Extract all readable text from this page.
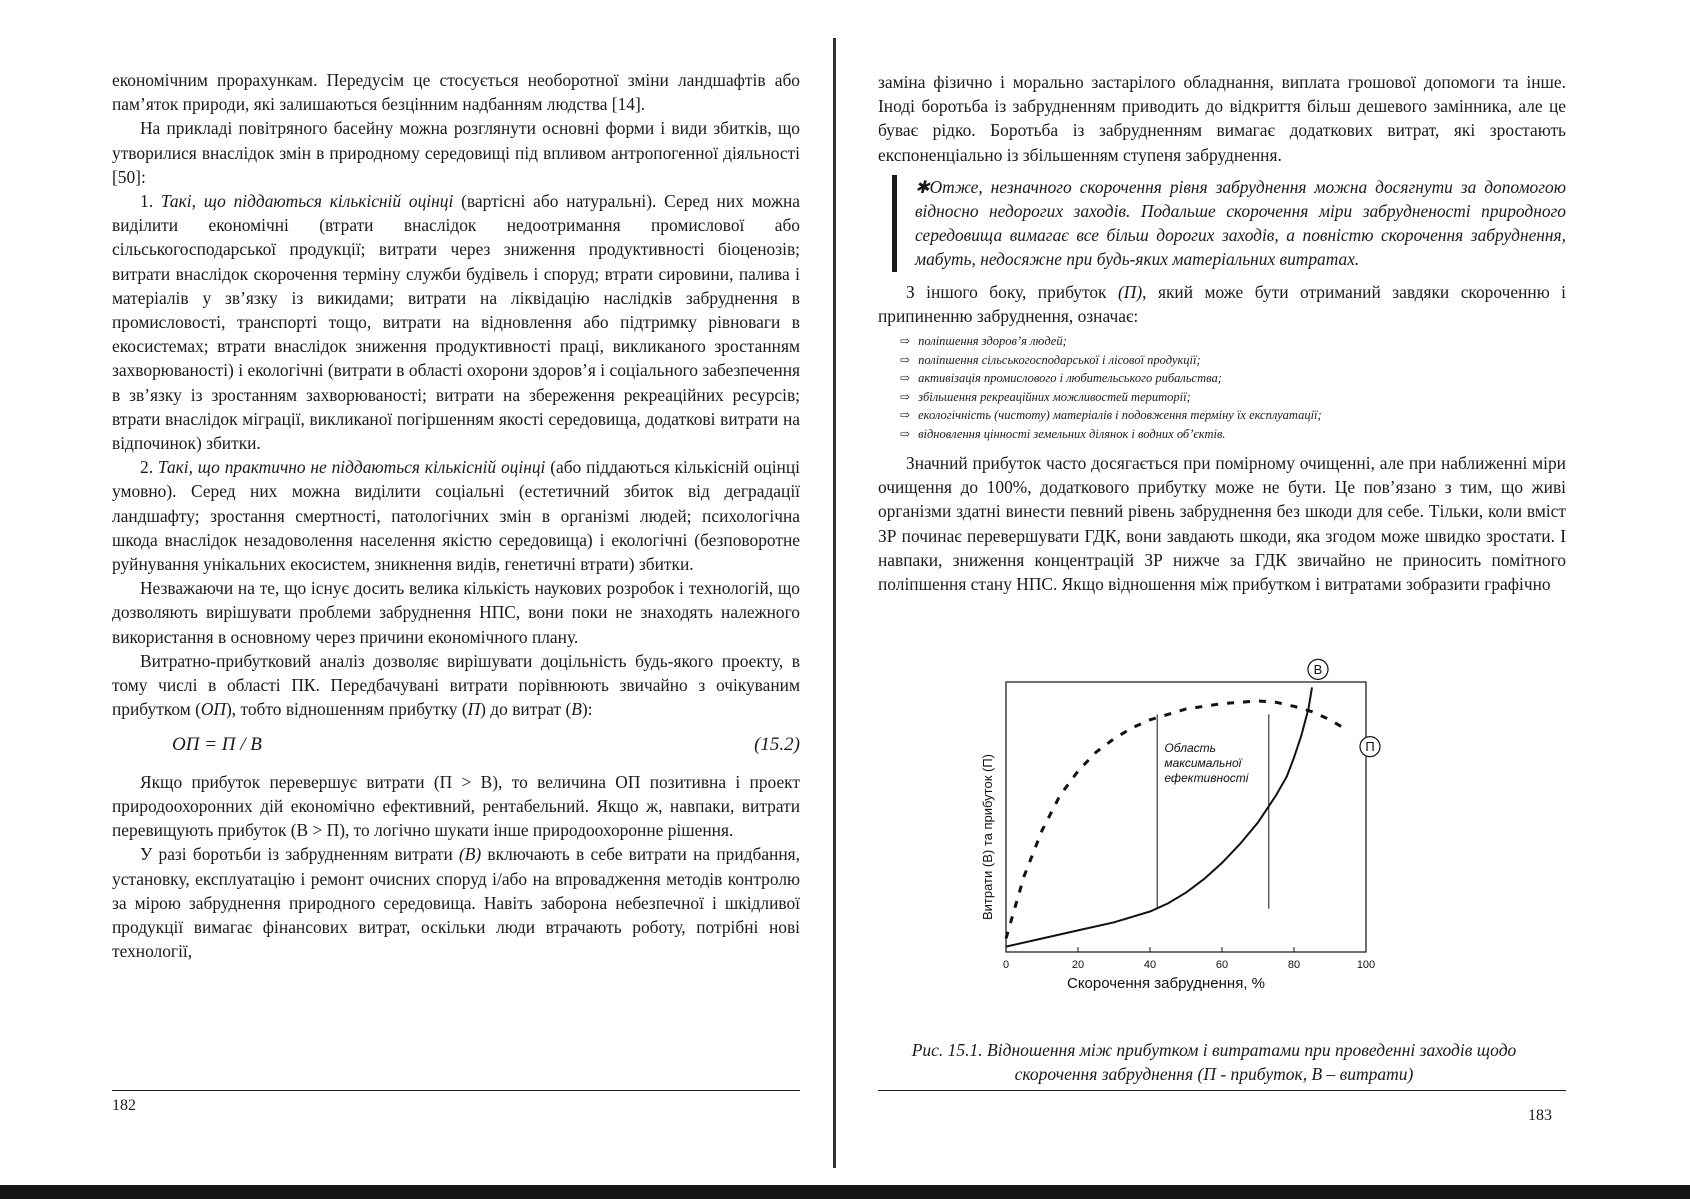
економічним прорахункам. Передусім це стосується необоротної зміни ландшафтів або пам’яток природи, які залишаються безцінним надбанням людства [14].

На прикладі повітряного басейну можна розглянути основні форми і види збитків, що утворилися внаслідок змін в природному середовищі під впливом антропогенної діяльності [50]:

1. Такі, що піддаються кількісній оцінці (вартісні або натуральні). Серед них можна виділити економічні (втрати внаслідок недоотримання промислової або сільськогосподарської продукції; витрати через зниження продуктивності біоценозів; витрати внаслідок скорочення терміну служби будівель і споруд; втрати сировини, палива і матеріалів у зв’язку із викидами; витрати на ліквідацію наслідків забруднення в промисловості, транспорті тощо, витрати на відновлення або підтримку рівноваги в екосистемах; втрати внаслідок зниження продуктивності праці, викликаного зростанням захворюваності) і екологічні (витрати в області охорони здоров’я і соціального забезпечення в зв’язку із зростанням захворюваності; витрати на збереження рекреаційних ресурсів; втрати внаслідок міграції, викликаної погіршенням якості середовища, додаткові витрати на відпочинок) збитки.

2. Такі, що практично не піддаються кількісній оцінці (або піддаються кількісній оцінці умовно). Серед них можна виділити соціальні (естетичний збиток від деградації ландшафту; зростання смертності, патологічних змін в організмі людей; психологічна шкода внаслідок незадоволення населення якістю середовища) і екологічні (безповоротне руйнування унікальних екосистем, зникнення видів, генетичні втрати) збитки.

Незважаючи на те, що існує досить велика кількість наукових розробок і технологій, що дозволяють вирішувати проблеми забруднення НПС, вони поки не знаходять належного використання в основному через причини економічного плану.

Витратно-прибутковий аналіз дозволяє вирішувати доцільність будь-якого проекту, в тому числі в області ПК. Передбачувані витрати порівнюють звичайно з очікуваним прибутком (ОП), тобто відношенням прибутку (П) до витрат (В):

ОП = П / В	(15.2)

Якщо прибуток перевершує витрати (П > В), то величина ОП позитивна і проект природоохоронних дій економічно ефективний, рентабельний. Якщо ж, навпаки, витрати перевищують прибуток (В > П), то логічно шукати інше природоохоронне рішення.

У разі боротьби із забрудненням витрати (В) включають в себе витрати на придбання, установку, експлуатацію і ремонт очисних споруд і/або на впровадження методів контролю за мірою забруднення природного середовища. Навіть заборона небезпечної і шкідливої продукції вимагає фінансових витрат, оскільки люди втрачають роботу, потрібні нові технології,

182

заміна фізично і морально застарілого обладнання, виплата грошової допомоги та інше. Іноді боротьба із забрудненням приводить до відкриття більш дешевого замінника, але це буває рідко. Боротьба із забрудненням вимагає додаткових витрат, які зростають експоненціально із збільшенням ступеня забруднення.

✱Отже, незначного скорочення рівня забруднення можна досягнути за допомогою відносно недорогих заходів. Подальше скорочення міри забрудненості природного середовища вимагає все більш дорогих заходів, а повністю скорочення забруднення, мабуть, недосяжне при будь-яких матеріальних витратах.

З іншого боку, прибуток (П), який може бути отриманий завдяки скороченню і припиненню забруднення, означає:

⇨ поліпшення здоров’я людей;
⇨ поліпшення сільськогосподарської і лісової продукції;
⇨ активізація промислового і любительського рибальства;
⇨ збільшення рекреаційних можливостей території;
⇨ екологічність (чистоту) матеріалів і подовження терміну їх експлуатації;
⇨ відновлення цінності земельних ділянок і водних об’єктів.

Значний прибуток часто досягається при помірному очищенні, але при наближенні міри очищення до 100%, додаткового прибутку може не бути. Це пов’язано з тим, що живі організми здатні винести певний рівень забруднення без шкоди для себе. Тільки, коли вміст ЗР починає перевершувати ГДК, вони завдають шкоди, яка згодом може швидко зростати. І навпаки, зниження концентрацій ЗР нижче за ГДК звичайно не приносить помітного поліпшення стану НПС. Якщо відношення між прибутком і витратами зобразити графічно

0	20	40	60	80	100
Область
максимальної
ефективності
П
В
Скорочення забруднення, %
Витрати (В) та прибуток (П)
Рис. 15.1. Відношення між прибутком і витратами при проведенні заходів щодо скорочення забруднення (П - прибуток, В – витрати)
183
